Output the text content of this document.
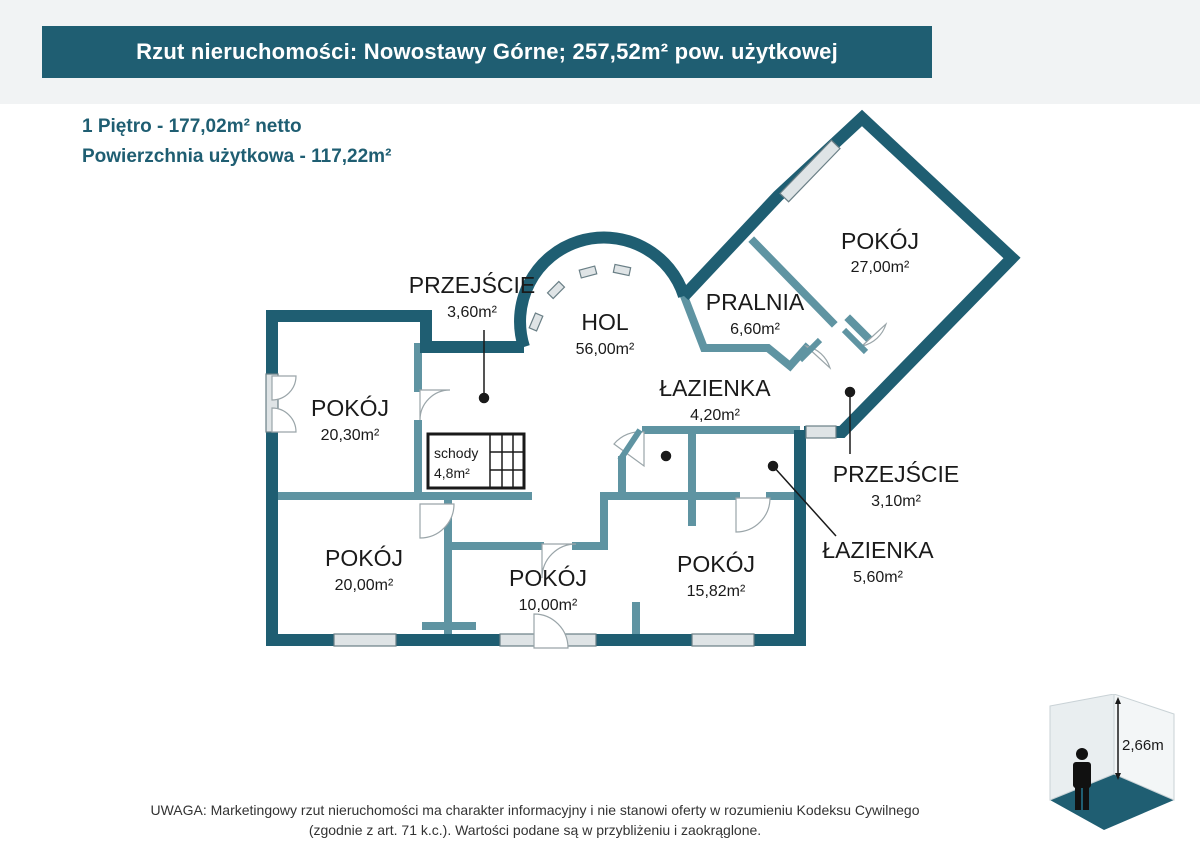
Rzut nieruchomości: Nowostawy Górne; 257,52m² pow. użytkowej
1 Piętro - 177,02m² netto
Powierzchnia użytkowa - 117,22m²
schody
4,8m²
POKÓJ
27,00m²
PRALNIA
6,60m²
HOL
56,00m²
PRZEJŚCIE
3,60m²
POKÓJ
20,30m²
ŁAZIENKA
4,20m²
PRZEJŚCIE
3,10m²
ŁAZIENKA
5,60m²
POKÓJ
20,00m²	POKÓJ
10,00m²
POKÓJ
15,82m²
2,66m
UWAGA: Marketingowy rzut nieruchomości ma charakter informacyjny i nie stanowi oferty w rozumieniu Kodeksu Cywilnego
(zgodnie z art. 71 k.c.). Wartości podane są w przybliżeniu i zaokrąglone.
